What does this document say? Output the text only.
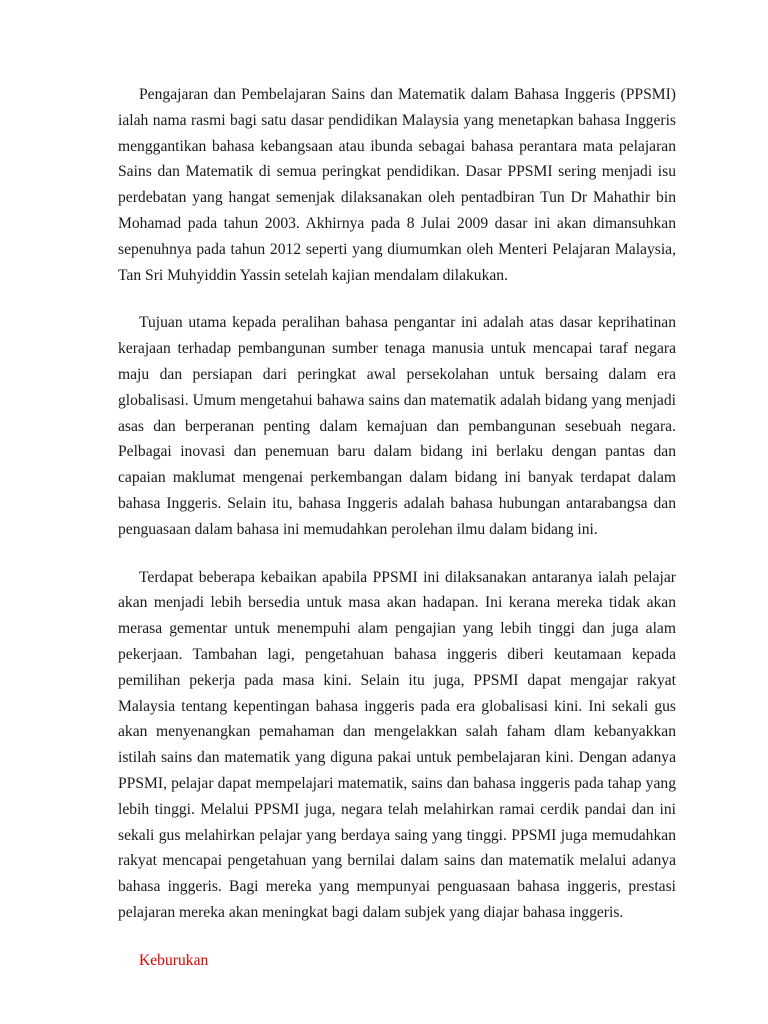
Pengajaran dan Pembelajaran Sains dan Matematik dalam Bahasa Inggeris (PPSMI) ialah nama rasmi bagi satu dasar pendidikan Malaysia yang menetapkan bahasa Inggeris menggantikan bahasa kebangsaan atau ibunda sebagai bahasa perantara mata pelajaran Sains dan Matematik di semua peringkat pendidikan. Dasar PPSMI sering menjadi isu perdebatan yang hangat semenjak dilaksanakan oleh pentadbiran Tun Dr Mahathir bin Mohamad pada tahun 2003. Akhirnya pada 8 Julai 2009 dasar ini akan dimansuhkan sepenuhnya pada tahun 2012 seperti yang diumumkan oleh Menteri Pelajaran Malaysia, Tan Sri Muhyiddin Yassin setelah kajian mendalam dilakukan.

Tujuan utama kepada peralihan bahasa pengantar ini adalah atas dasar keprihatinan kerajaan terhadap pembangunan sumber tenaga manusia untuk mencapai taraf negara maju dan persiapan dari peringkat awal persekolahan untuk bersaing dalam era globalisasi. Umum mengetahui bahawa sains dan matematik adalah bidang yang menjadi asas dan berperanan penting dalam kemajuan dan pembangunan sesebuah negara. Pelbagai inovasi dan penemuan baru dalam bidang ini berlaku dengan pantas dan capaian maklumat mengenai perkembangan dalam bidang ini banyak terdapat dalam bahasa Inggeris. Selain itu, bahasa Inggeris adalah bahasa hubungan antarabangsa dan penguasaan dalam bahasa ini memudahkan perolehan ilmu dalam bidang ini.

Terdapat beberapa kebaikan apabila PPSMI ini dilaksanakan antaranya ialah pelajar akan menjadi lebih bersedia untuk masa akan hadapan. Ini kerana mereka tidak akan merasa gementar untuk menempuhi alam pengajian yang lebih tinggi dan juga alam pekerjaan. Tambahan lagi, pengetahuan bahasa inggeris diberi keutamaan kepada pemilihan pekerja pada masa kini. Selain itu juga, PPSMI dapat mengajar rakyat Malaysia tentang kepentingan bahasa inggeris pada era globalisasi kini. Ini sekali gus akan menyenangkan pemahaman dan mengelakkan salah faham dlam kebanyakkan istilah sains dan matematik yang diguna pakai untuk pembelajaran kini. Dengan adanya PPSMI, pelajar dapat mempelajari matematik, sains dan bahasa inggeris pada tahap yang lebih tinggi. Melalui PPSMI juga, negara telah melahirkan ramai cerdik pandai dan ini sekali gus melahirkan pelajar yang berdaya saing yang tinggi. PPSMI juga memudahkan rakyat mencapai pengetahuan yang bernilai dalam sains dan matematik melalui adanya bahasa inggeris. Bagi mereka yang mempunyai penguasaan bahasa inggeris, prestasi pelajaran mereka akan meningkat bagi dalam subjek yang diajar bahasa inggeris.

Keburukan
